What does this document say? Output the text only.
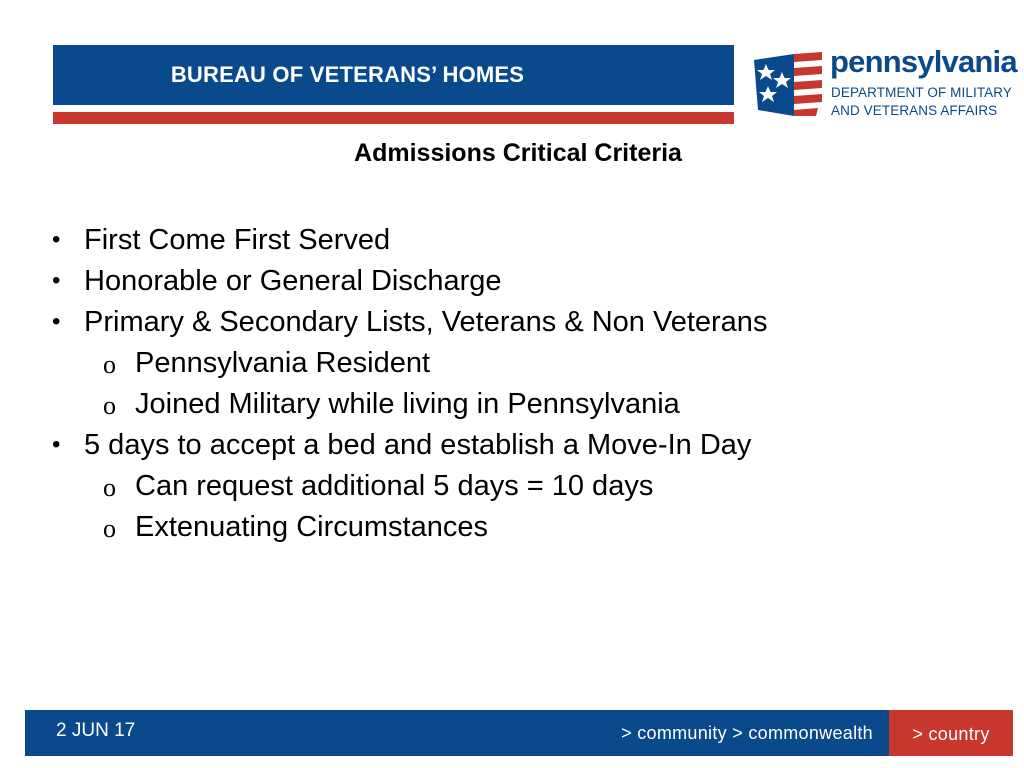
BUREAU OF VETERANS’ HOMES	pennsylvania
DEPARTMENT OF MILITARY
AND VETERANS AFFAIRS
Admissions Critical Criteria
• First Come First Served
• Honorable or General Discharge
• Primary & Secondary Lists, Veterans & Non Veterans
o Pennsylvania Resident
o Joined Military while living in Pennsylvania
• 5 days to accept a bed and establish a Move-In Day
o Can request additional 5 days = 10 days
o Extenuating Circumstances
2 JUN 17	> community > commonwealth	> country
